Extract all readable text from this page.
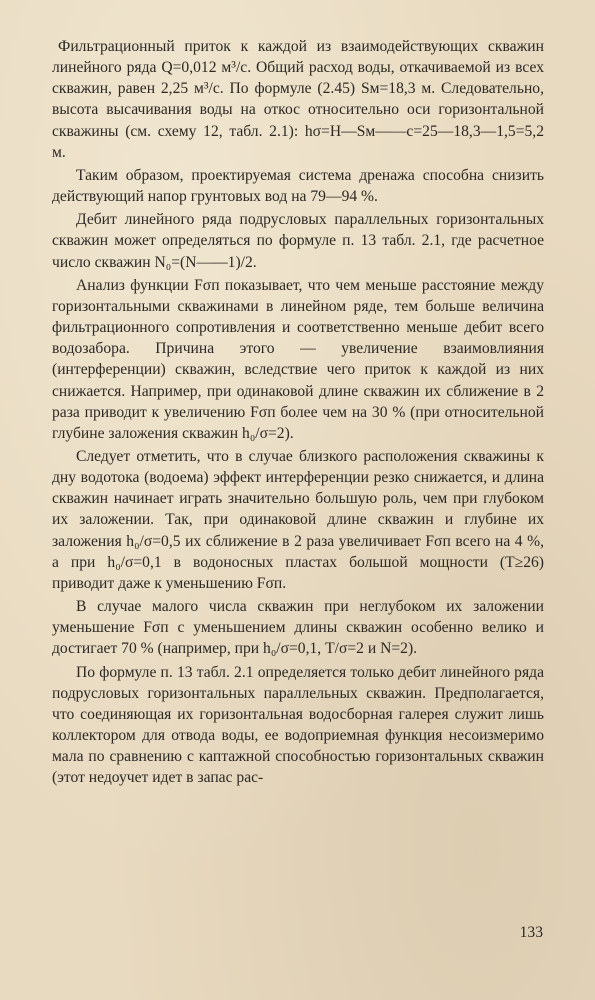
Фильтрационный приток к каждой из взаимодействующих скважин линейного ряда Q=0,012 м³/с. Общий расход воды, откачиваемой из всех скважин, равен 2,25 м³/с. По формуле (2.45) Sм=18,3 м. Следовательно, высота высачивания воды на откос относительно оси горизонтальной скважины (см. схему 12, табл. 2.1): hσ=H—Sм——c=25—18,3—1,5=5,2 м.

Таким образом, проектируемая система дренажа способна снизить действующий напор грунтовых вод на 79—94 %.

Дебит линейного ряда подрусловых параллельных горизонтальных скважин может определяться по формуле п. 13 табл. 2.1, где расчетное число скважин N₀=(N——1)/2.

Анализ функции Fσп показывает, что чем меньше расстояние между горизонтальными скважинами в линейном ряде, тем больше величина фильтрационного сопротивления и соответственно меньше дебит всего водозабора. Причина этого — увеличение взаимовлияния (интерференции) скважин, вследствие чего приток к каждой из них снижается. Например, при одинаковой длине скважин их сближение в 2 раза приводит к увеличению Fσп более чем на 30 % (при относительной глубине заложения скважин h₀/σ=2).

Следует отметить, что в случае близкого расположения скважины к дну водотока (водоема) эффект интерференции резко снижается, и длина скважин начинает играть значительно большую роль, чем при глубоком их заложении. Так, при одинаковой длине скважин и глубине их заложения h₀/σ=0,5 их сближение в 2 раза увеличивает Fσп всего на 4 %, а при h₀/σ=0,1 в водоносных пластах большой мощности (T≥26) приводит даже к уменьшению Fσп.

В случае малого числа скважин при неглубоком их заложении уменьшение Fσп с уменьшением длины скважин особенно велико и достигает 70 % (например, при h₀/σ=0,1, T/σ=2 и N=2).

По формуле п. 13 табл. 2.1 определяется только дебит линейного ряда подрусловых горизонтальных параллельных скважин. Предполагается, что соединяющая их горизонтальная водосборная галерея служит лишь коллектором для отвода воды, ее водоприемная функция несоизмеримо мала по сравнению с каптажной способностью горизонтальных скважин (этот недоучет идет в запас рас-

133
